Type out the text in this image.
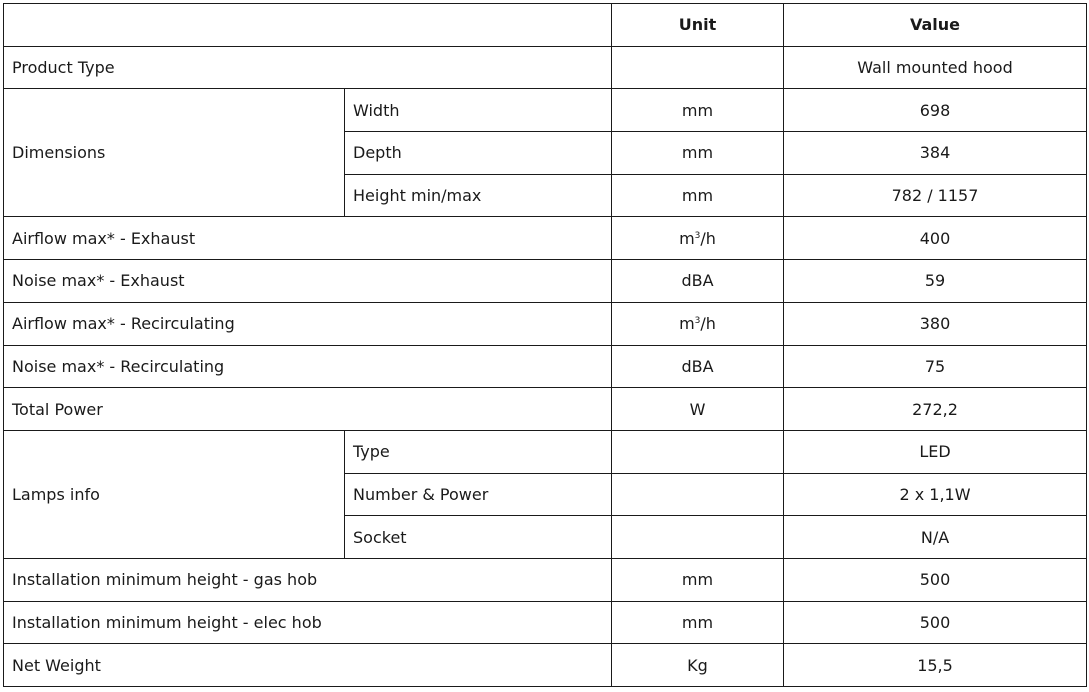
		Unit	Value
Product Type			Wall mounted hood
Dimensions	Width	mm	698
	Depth	mm	384
	Height min/max	mm	782 / 1157
Airflow max* - Exhaust		$m^3/h$	400
Noise max* - Exhaust		dBA	59
Airflow max* - Recirculating		$m^3/h$	380
Noise max* - Recirculating		dBA	75
Total Power		W	272,2
Lamps info	Type		LED
	Number & Power		2 x 1,1W
	Socket		N/A
Installation minimum height - gas hob		mm	500
Installation minimum height - elec hob		mm	500
Net Weight		Kg	15,5
